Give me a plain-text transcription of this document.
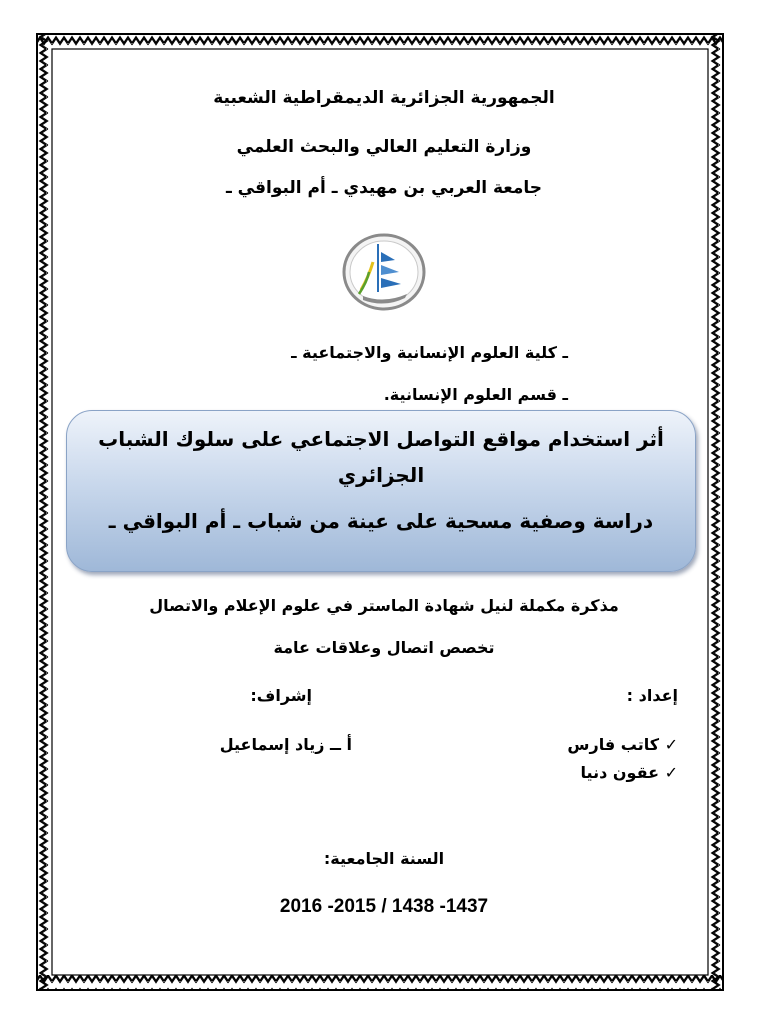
الجمهورية الجزائرية الديمقراطية الشعبية
وزارة التعليم العالي والبحث العلمي
جامعة العربي بن مهيدي ـ أم البواقي ـ
ـ كلية العلوم الإنسانية والاجتماعية ـ
ـ قسم العلوم الإنسانية.
أثر استخدام مواقع التواصل الاجتماعي على سلوك الشباب
الجزائري
دراسة وصفية مسحية على عينة من شباب ـ أم البواقي ـ
مذكرة مكملة لنيل شهادة الماستر في علوم الإعلام والاتصال
تخصص اتصال وعلاقات عامة
إعداد :
إشراف:
✓ كاتب فارس
✓ عقون دنيا
أ ــ زياد إسماعيل
السنة الجامعية:
1437- 1438 / 2015- 2016
